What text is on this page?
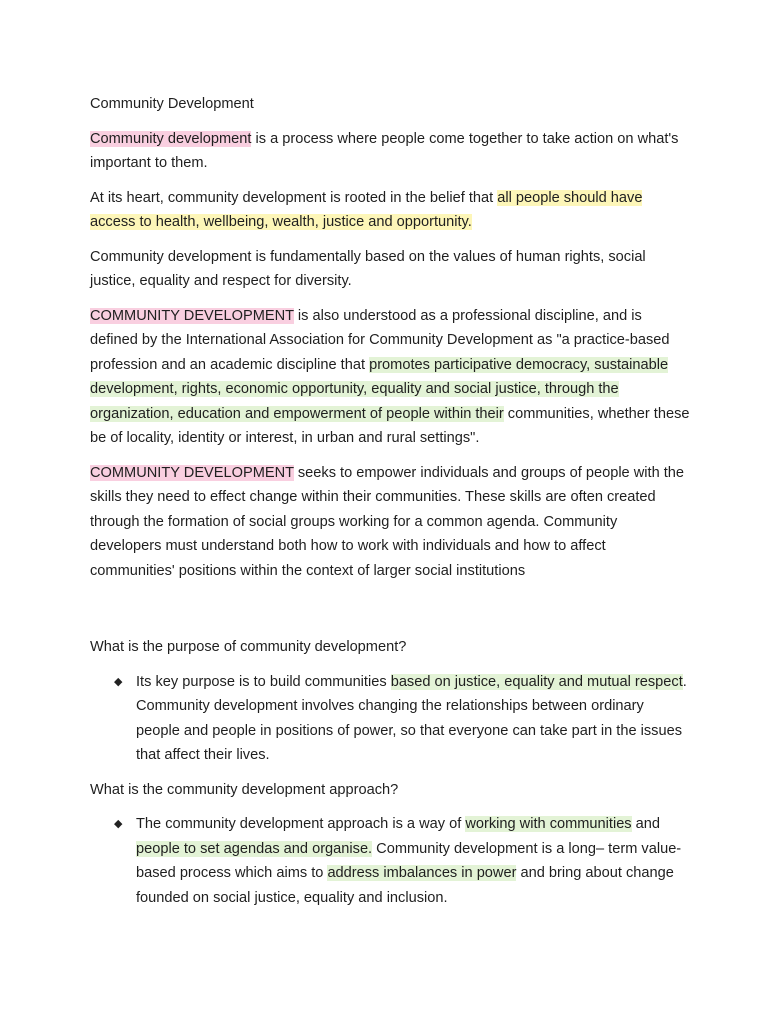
Community Development

Community development is a process where people come together to take action on what's important to them.

At its heart, community development is rooted in the belief that all people should have access to health, wellbeing, wealth, justice and opportunity.

Community development is fundamentally based on the values of human rights, social justice, equality and respect for diversity.

COMMUNITY DEVELOPMENT is also understood as a professional discipline, and is defined by the International Association for Community Development as "a practice-based profession and an academic discipline that promotes participative democracy, sustainable development, rights, economic opportunity, equality and social justice, through the organization, education and empowerment of people within their communities, whether these be of locality, identity or interest, in urban and rural settings".

COMMUNITY DEVELOPMENT seeks to empower individuals and groups of people with the skills they need to effect change within their communities. These skills are often created through the formation of social groups working for a common agenda. Community developers must understand both how to work with individuals and how to affect communities' positions within the context of larger social institutions

What is the purpose of community development?

◆ Its key purpose is to build communities based on justice, equality and mutual respect. Community development involves changing the relationships between ordinary people and people in positions of power, so that everyone can take part in the issues that affect their lives.

What is the community development approach?

◆ The community development approach is a way of working with communities and people to set agendas and organise. Community development is a long– term value-based process which aims to address imbalances in power and bring about change founded on social justice, equality and inclusion.
